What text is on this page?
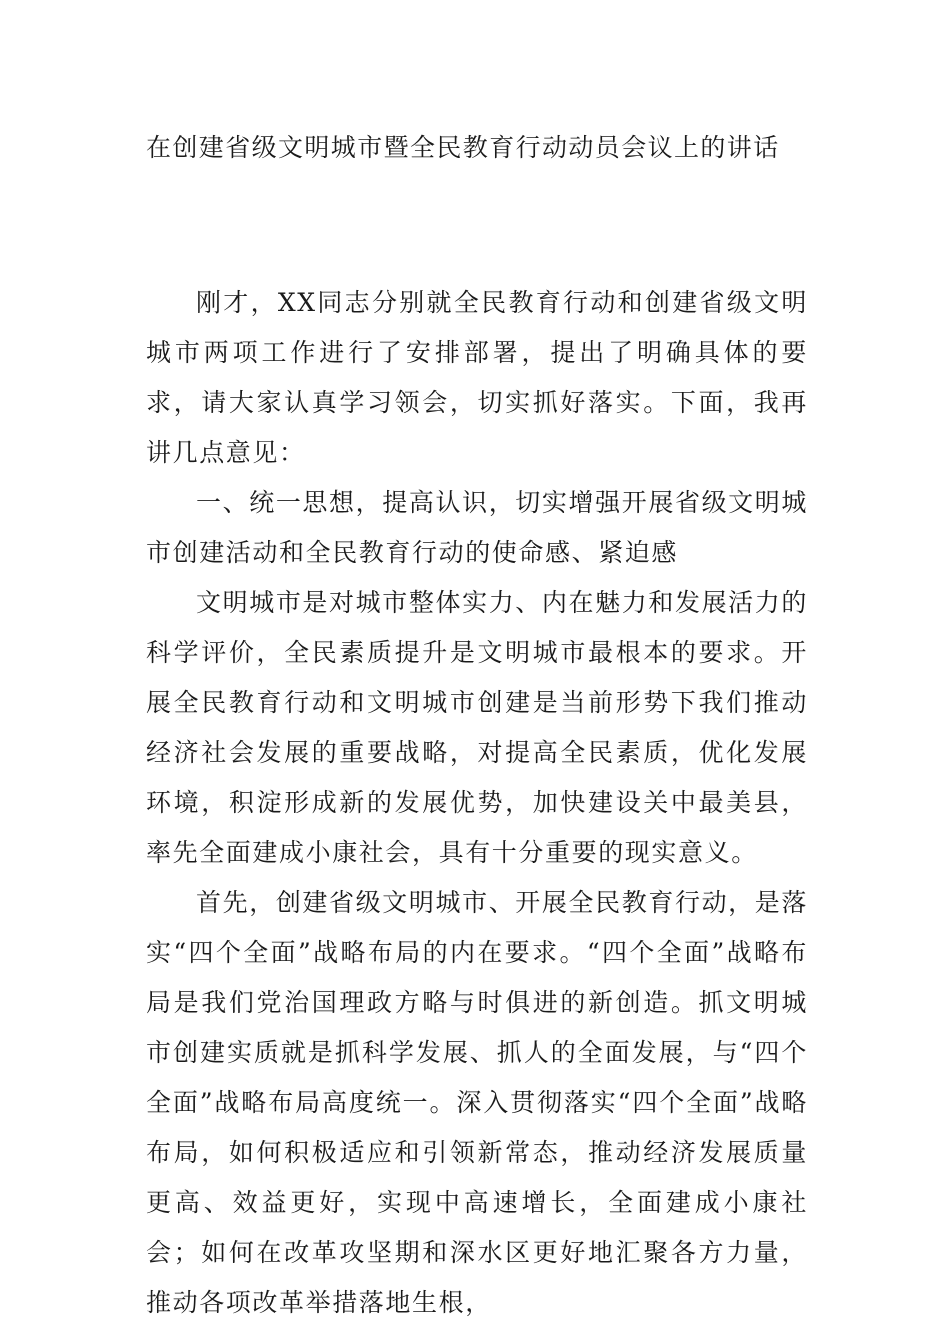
在创建省级文明城市暨全民教育行动动员会议上的讲话

刚才，XX同志分别就全民教育行动和创建省级文明城市两项工作进行了安排部署，提出了明确具体的要求，请大家认真学习领会，切实抓好落实。下面，我再讲几点意见：

一、统一思想，提高认识，切实增强开展省级文明城市创建活动和全民教育行动的使命感、紧迫感

文明城市是对城市整体实力、内在魅力和发展活力的科学评价，全民素质提升是文明城市最根本的要求。开展全民教育行动和文明城市创建是当前形势下我们推动经济社会发展的重要战略，对提高全民素质，优化发展环境，积淀形成新的发展优势，加快建设关中最美县，率先全面建成小康社会，具有十分重要的现实意义。

首先，创建省级文明城市、开展全民教育行动，是落实“四个全面”战略布局的内在要求。“四个全面”战略布局是我们党治国理政方略与时俱进的新创造。抓文明城市创建实质就是抓科学发展、抓人的全面发展，与“四个全面”战略布局高度统一。深入贯彻落实“四个全面”战略布局，如何积极适应和引领新常态，推动经济发展质量更高、效益更好，实现中高速增长，全面建成小康社会；如何在改革攻坚期和深水区更好地汇聚各方力量，推动各项改革举措落地生根，
